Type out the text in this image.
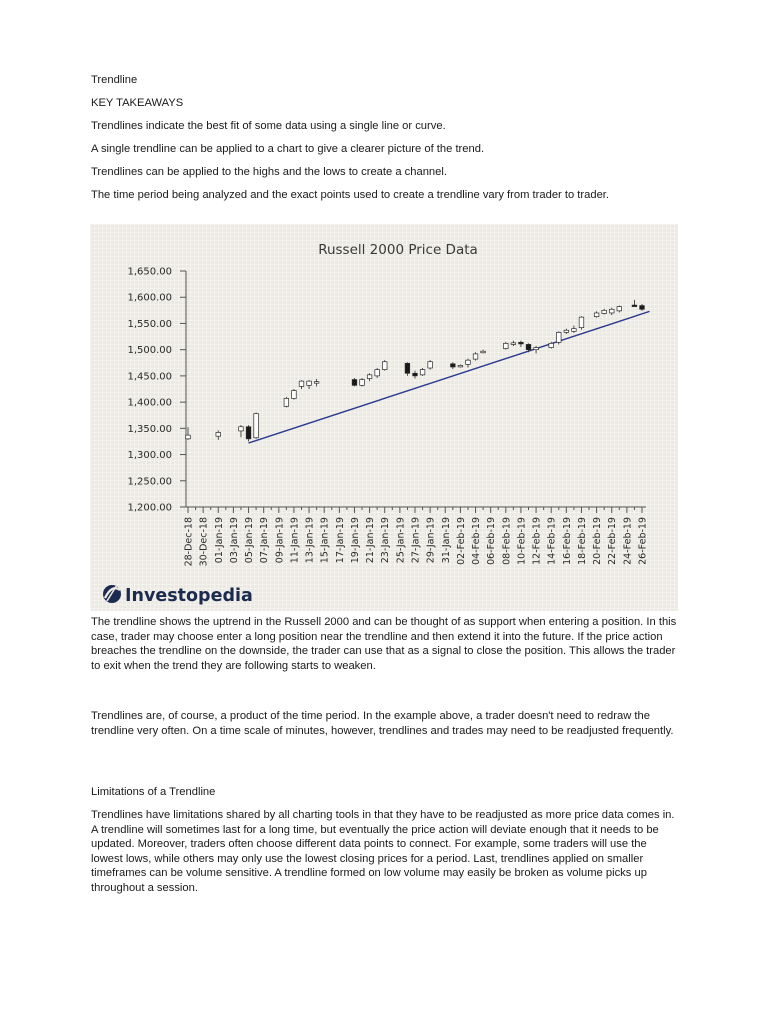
Trendline

KEY TAKEAWAYS

Trendlines indicate the best fit of some data using a single line or curve.

A single trendline can be applied to a chart to give a clearer picture of the trend.

Trendlines can be applied to the highs and the lows to create a channel.

The time period being analyzed and the exact points used to create a trendline vary from trader to trader.

Russell 2000 Price Data
1,650.00
1,600.00
1,550.00
1,500.00
1,450.00
1,400.00
1,350.00
1,300.00
1,250.00
1,200.00
28-Dec-18 30-Dec-18 01-Jan-19 03-Jan-19 05-Jan-19 07-Jan-19 09-Jan-19 11-Jan-19 13-Jan-19 15-Jan-19 17-Jan-19 19-Jan-19 21-Jan-19 23-Jan-19 25-Jan-19 27-Jan-19 29-Jan-19 31-Jan-19 02-Feb-19 04-Feb-19 06-Feb-19 08-Feb-19 10-Feb-19 12-Feb-19 14-Feb-19 16-Feb-19 18-Feb-19 20-Feb-19 22-Feb-19 24-Feb-19 26-Feb-19
Investopedia

The trendline shows the uptrend in the Russell 2000 and can be thought of as support when entering a position. In this case, trader may choose enter a long position near the trendline and then extend it into the future. If the price action breaches the trendline on the downside, the trader can use that as a signal to close the position. This allows the trader to exit when the trend they are following starts to weaken.

Trendlines are, of course, a product of the time period. In the example above, a trader doesn't need to redraw the trendline very often. On a time scale of minutes, however, trendlines and trades may need to be readjusted frequently.

Limitations of a Trendline

Trendlines have limitations shared by all charting tools in that they have to be readjusted as more price data comes in. A trendline will sometimes last for a long time, but eventually the price action will deviate enough that it needs to be updated. Moreover, traders often choose different data points to connect. For example, some traders will use the lowest lows, while others may only use the lowest closing prices for a period. Last, trendlines applied on smaller timeframes can be volume sensitive. A trendline formed on low volume may easily be broken as volume picks up throughout a session.
